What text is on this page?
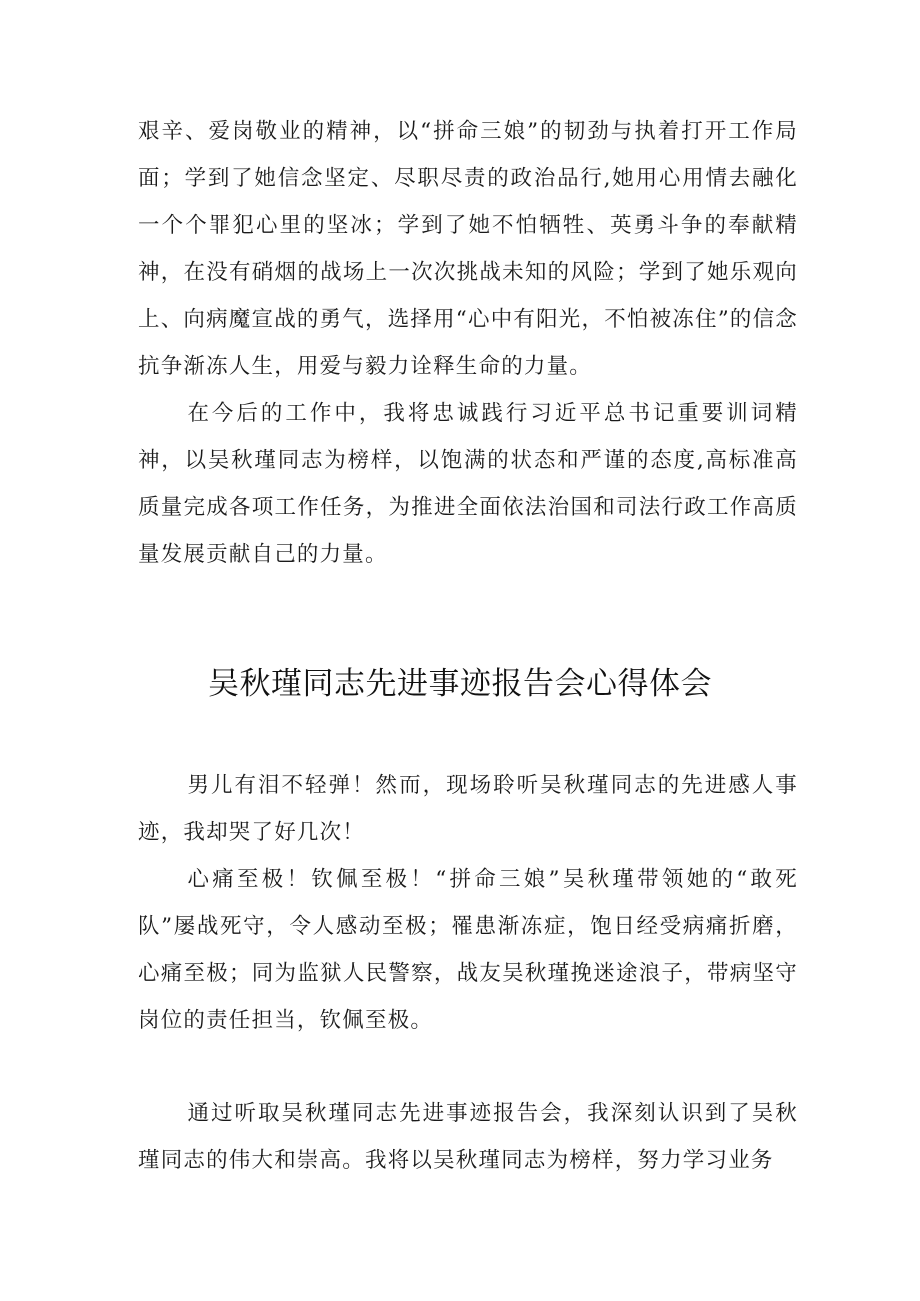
艰辛、爱岗敬业的精神，以“拼命三娘”的韧劲与执着打开工作局面；学到了她信念坚定、尽职尽责的政治品行,她用心用情去融化一个个罪犯心里的坚冰；学到了她不怕牺牲、英勇斗争的奉献精神，在没有硝烟的战场上一次次挑战未知的风险；学到了她乐观向上、向病魔宣战的勇气，选择用“心中有阳光，不怕被冻住”的信念抗争渐冻人生，用爱与毅力诠释生命的力量。

在今后的工作中，我将忠诚践行习近平总书记重要训词精神，以吴秋瑾同志为榜样，以饱满的状态和严谨的态度,高标准高质量完成各项工作任务，为推进全面依法治国和司法行政工作高质量发展贡献自己的力量。

吴秋瑾同志先进事迹报告会心得体会

男儿有泪不轻弹！然而，现场聆听吴秋瑾同志的先进感人事迹，我却哭了好几次！

心痛至极！钦佩至极！“拼命三娘”吴秋瑾带领她的“敢死队”屡战死守，令人感动至极；罹患渐冻症，饱日经受病痛折磨，心痛至极；同为监狱人民警察，战友吴秋瑾挽迷途浪子，带病坚守岗位的责任担当，钦佩至极。

通过听取吴秋瑾同志先进事迹报告会，我深刻认识到了吴秋瑾同志的伟大和崇高。我将以吴秋瑾同志为榜样，努力学习业务
